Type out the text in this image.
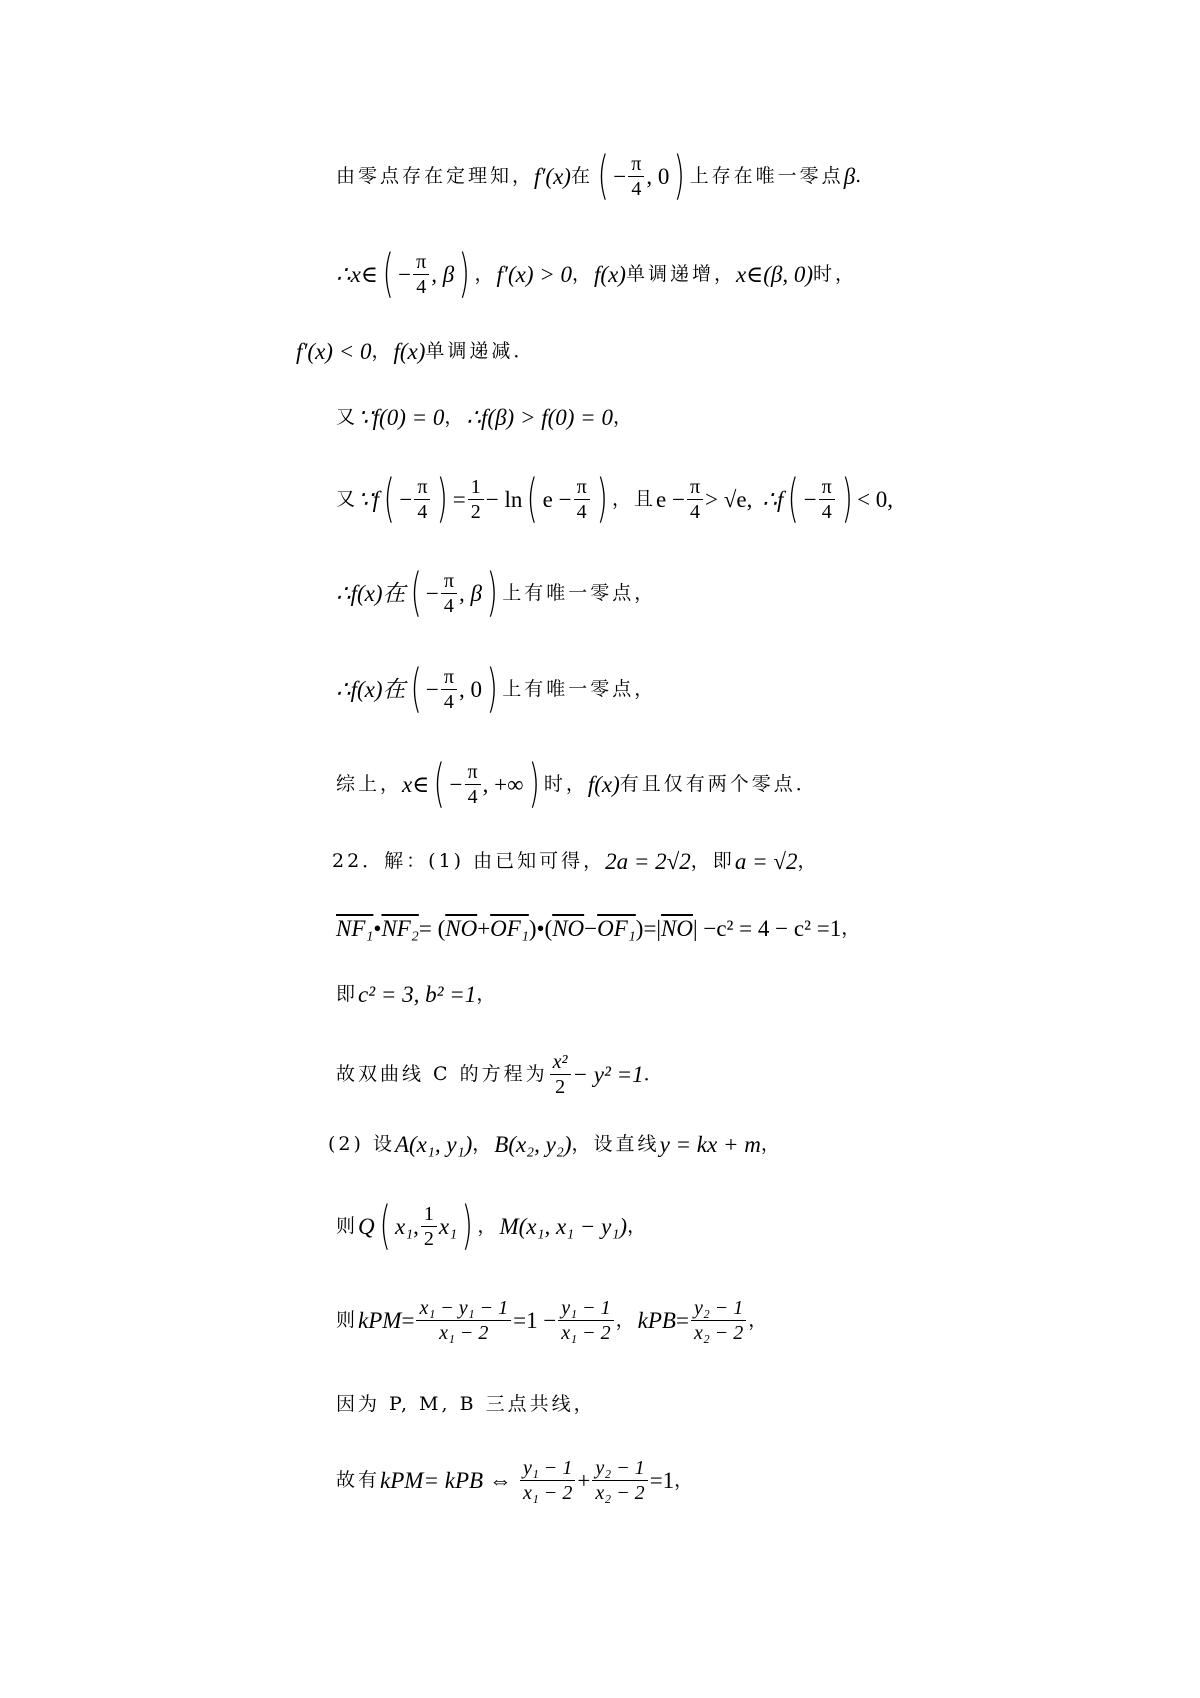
由零点存在定理知， f′(x) 在 ( − $\frac{\pi}{4}$ , 0 ) 上存在唯一零点 β .
∴x∈ ( − $\frac{\pi}{4}$ , β ) ， f′(x) > 0 ， f(x) 单调递增， x∈(β, 0) 时，
f′(x) < 0 ， f(x) 单调递减．
又 ∵f(0) = 0 ， ∴f(β) > f(0) = 0 ，
又 ∵f ( − $\frac{\pi}{4}$ ) = $\frac{1}{2} - \ln$ ( $e - \frac{\pi}{4}$ ) ，且 $e - \frac{\pi}{4} > √e$, ∴f ( − $\frac{\pi}{4}$ ) < 0,
∴f(x)在 ( − $\frac{\pi}{4}$ , β ) 上有唯一零点，
∴f(x)在 ( − $\frac{\pi}{4}$ , 0 ) 上有唯一零点，
综上， x∈ ( − $\frac{\pi}{4}$ , +∞ ) 时， f(x) 有且仅有两个零点．
22．解：(1) 由已知可得， 2a = 2√2 ，即 a = √2 ，
NF₁ • NF₂ = ( $\overline{NO} + OF_1$ )•( $\overline{NO} - OF_1$ )=| $\overline{NO}$ | −c² = 4 − c² =1 ，
即 c² = 3, b² =1 ，
故双曲线 C 的方程为 $\frac{\text{x²}}{2} - y^2 =1$ ．
(2) 设 A(x₁, y₁) ， B(x₂, y₂) ，设直线 y = kx + m ，
则 Q ( x₁ , $\frac{1}{2} x_1$ ) ， M(x₁, x₁ − y₁) ，
则 k PM = $\frac{\text{x₁ − y₁ − 1}}{\text{x₁ − 2}} =1 - \frac{\text{y₁ − 1}}{\text{x₁ − 2}}$ ， k PB = $\frac{\text{y₂ − 1}}{\text{x₂ − 2}}$ ，
因为 P, M, B 三点共线，
故有 k PM = k PB ⇔ $\frac{\text{y₁ − 1}}{\text{x₁ − 2}} + \frac{\text{y₂ − 1}}{\text{x₂ − 2}} =1$ ，
